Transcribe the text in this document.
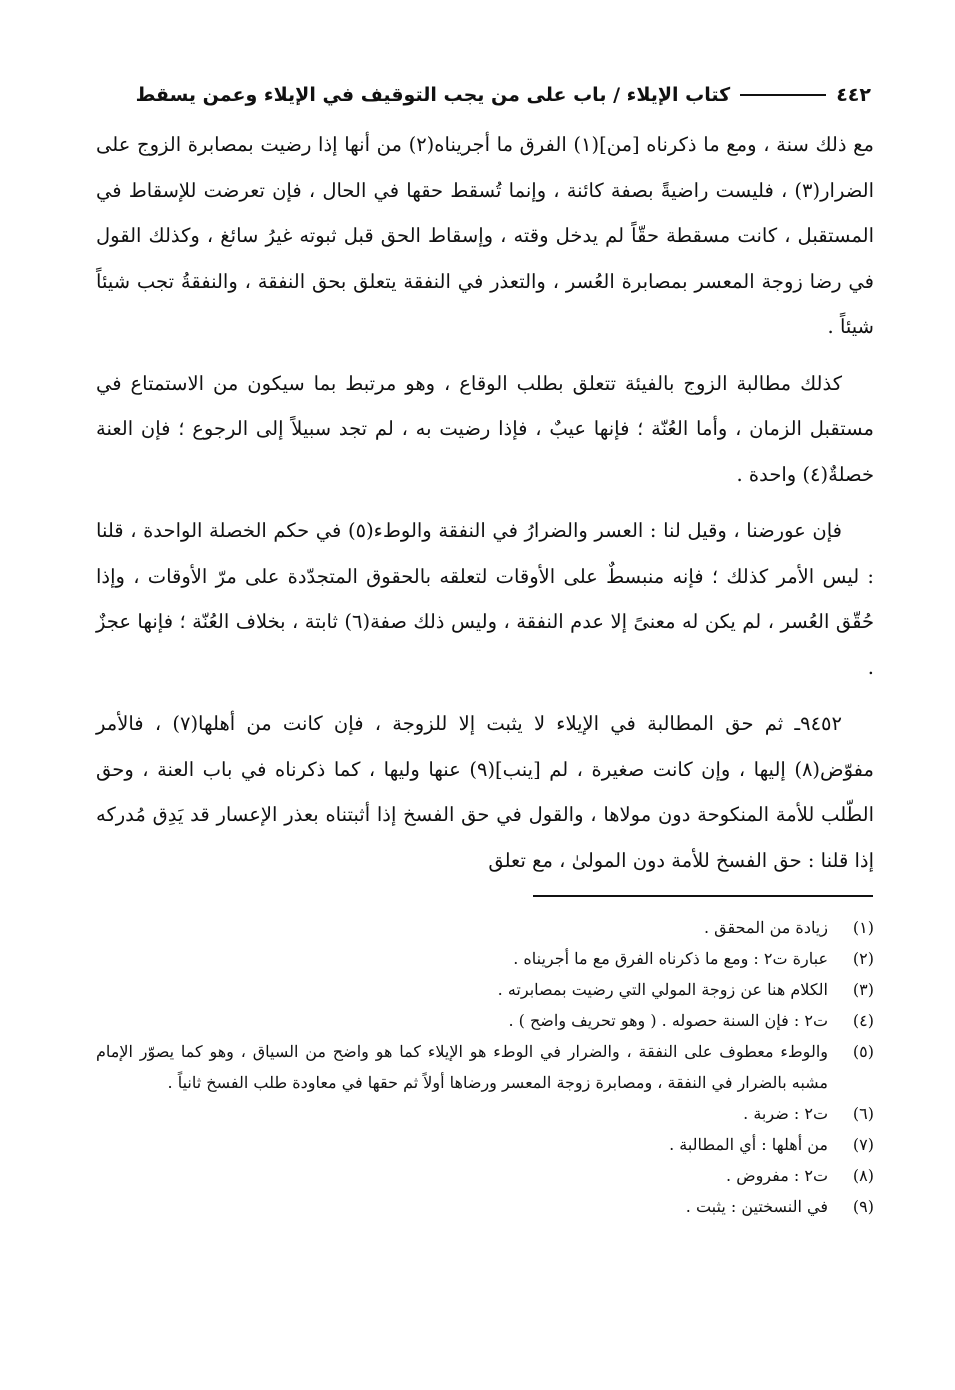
٤٤٢
كتاب الإيلاء / باب على من يجب التوقيف في الإيلاء وعمن يسقط

مع ذلك سنة ، ومع ما ذكرناه [من](١) الفرق ما أجريناه(٢) من أنها إذا رضيت بمصابرة الزوج على الضرار(٣) ، فليست راضيةً بصفة كائنة ، وإنما تُسقط حقها في الحال ، فإن تعرضت للإسقاط في المستقبل ، كانت مسقطة حقّاً لم يدخل وقته ، وإسقاط الحق قبل ثبوته غيرُ سائغ ، وكذلك القول في رضا زوجة المعسر بمصابرة العُسر ، والتعذر في النفقة يتعلق بحق النفقة ، والنفقةُ تجب شيئاً شيئاً .

كذلك مطالبة الزوج بالفيئة تتعلق بطلب الوقاع ، وهو مرتبط بما سيكون من الاستمتاع في مستقبل الزمان ، وأما العُنّة ؛ فإنها عيبٌ ، فإذا رضيت به ، لم تجد سبيلاً إلى الرجوع ؛ فإن العنة خصلةٌ(٤) واحدة .

فإن عورضنا ، وقيل لنا : العسر والضرارُ في النفقة والوطء(٥) في حكم الخصلة الواحدة ، قلنا : ليس الأمر كذلك ؛ فإنه منبسطٌ على الأوقات لتعلقه بالحقوق المتجدّدة على مرّ الأوقات ، وإذا حُقّق العُسر ، لم يكن له معنىً إلا عدم النفقة ، وليس ذلك صفة(٦) ثابتة ، بخلاف العُنّة ؛ فإنها عجزٌ .

٩٤٥٢ـ ثم حق المطالبة في الإيلاء لا يثبت إلا للزوجة ، فإن كانت من أهلها(٧) ، فالأمر مفوّض(٨) إليها ، وإن كانت صغيرة ، لم [ينب](٩) عنها وليها ، كما ذكرناه في باب العنة ، وحق الطّلب للأمة المنكوحة دون مولاها ، والقول في حق الفسخ إذا أثبتناه بعذر الإعسار قد يَدِق مُدركه إذا قلنا : حق الفسخ للأمة دون المولىٰ ، مع تعلق

(١)
زيادة من المحقق .
(٢)
عبارة ت٢ : ومع ما ذكرناه الفرق مع ما أجريناه .
(٣)
الكلام هنا عن زوجة المولي التي رضيت بمصابرته .
(٤)
ت٢ : فإن السنة حصوله . ( وهو تحريف واضح ) .
(٥)
والوطء معطوف على النفقة ، والضرار في الوطء هو الإيلاء كما هو واضح من السياق ، وهو كما يصوّر الإمام مشبه بالضرار في النفقة ، ومصابرة زوجة المعسر ورضاها أولاً ثم حقها في معاودة طلب الفسخ ثانياً .
(٦)
ت٢ : ضربة .
(٧)
من أهلها : أي المطالبة .
(٨)
ت٢ : مفروض .
(٩)
في النسختين : يثبت .
